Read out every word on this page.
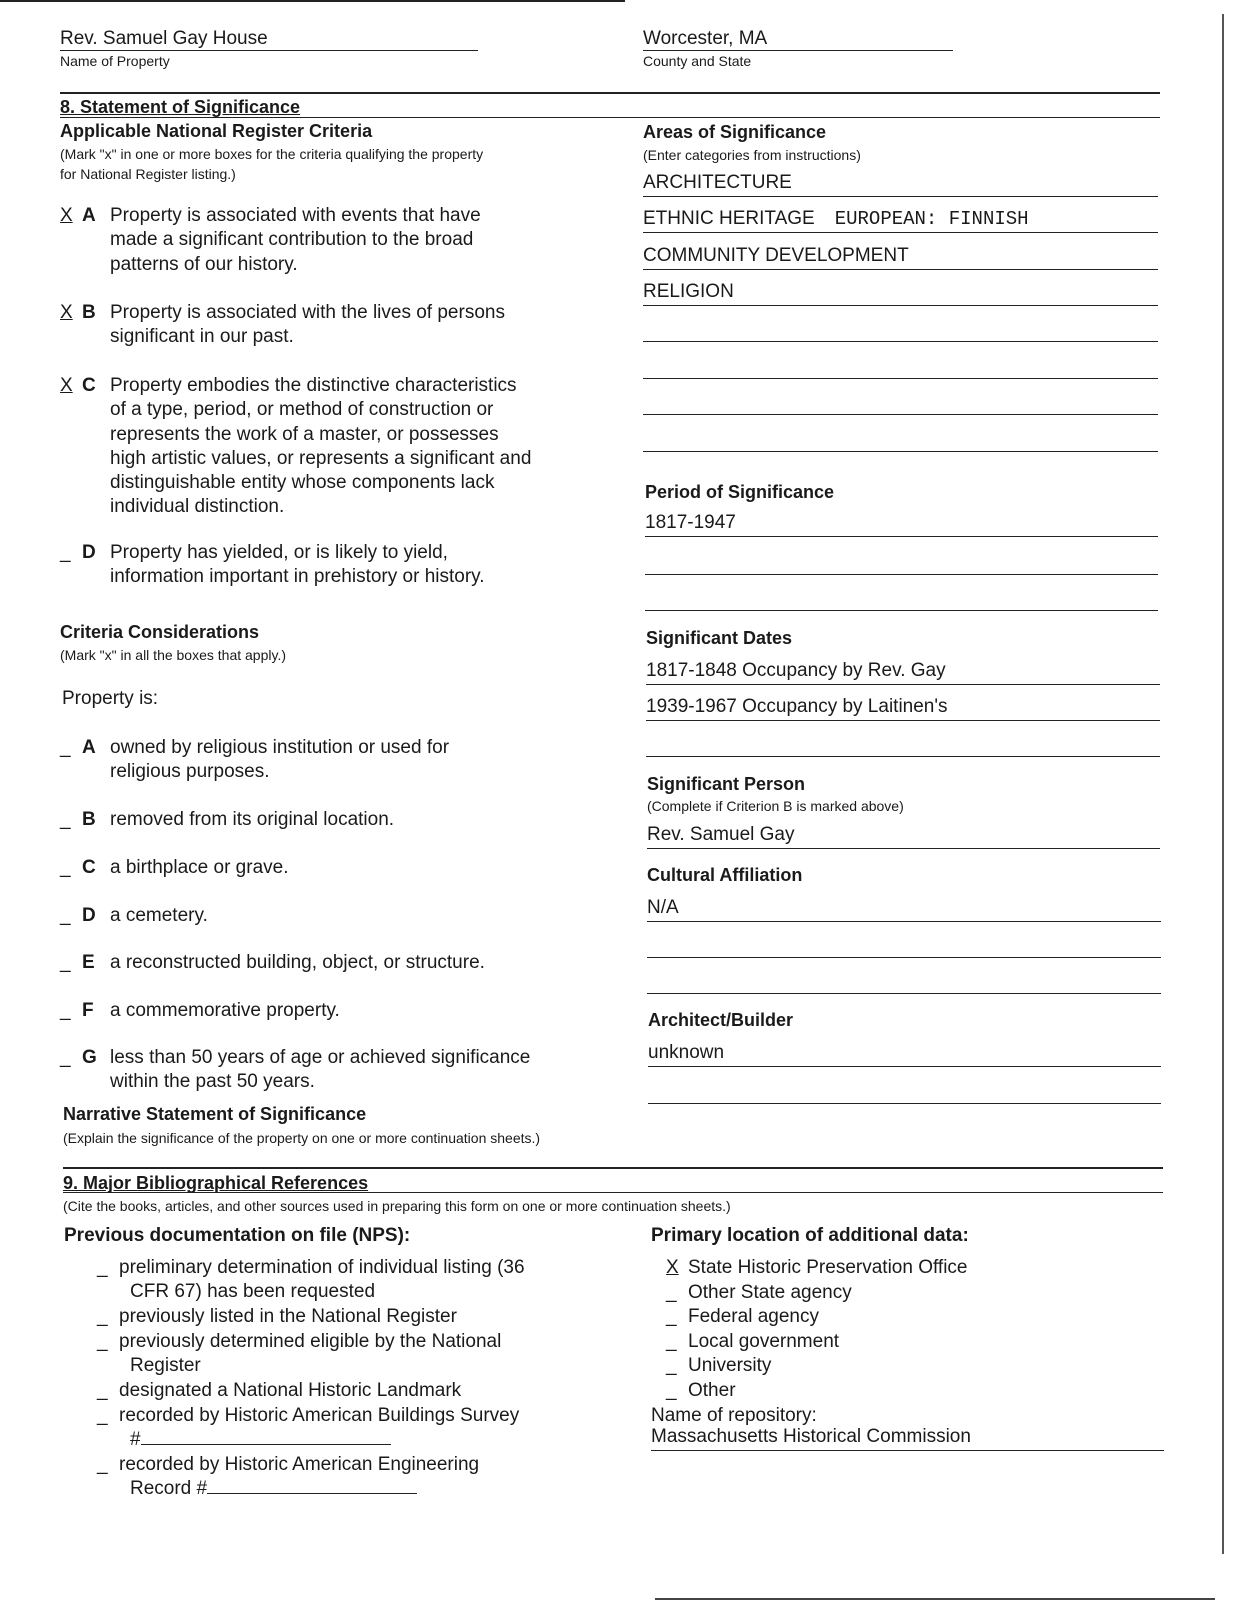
Rev. Samuel Gay House
Name of Property
Worcester, MA
County and State
8. Statement of Significance
Applicable National Register Criteria
(Mark "x" in one or more boxes for the criteria qualifying the property
for National Register listing.)
X A Property is associated with events that have
made a significant contribution to the broad
patterns of our history.
X B Property is associated with the lives of persons
significant in our past.
X C Property embodies the distinctive characteristics
of a type, period, or method of construction or
represents the work of a master, or possesses
high artistic values, or represents a significant and
distinguishable entity whose components lack
individual distinction.
_ D Property has yielded, or is likely to yield,
information important in prehistory or history.
Criteria Considerations
(Mark "x" in all the boxes that apply.)
Property is:
_ A owned by religious institution or used for
religious purposes.
_ B removed from its original location.
_ C a birthplace or grave.
_ D a cemetery.
_ E a reconstructed building, object, or structure.
_ F a commemorative property.
_ G less than 50 years of age or achieved significance
within the past 50 years.
Narrative Statement of Significance
(Explain the significance of the property on one or more continuation sheets.)
Areas of Significance
(Enter categories from instructions)
ARCHITECTURE
ETHNIC HERITAGE EUROPEAN: FINNISH
COMMUNITY DEVELOPMENT
RELIGION
Period of Significance
1817-1947
Significant Dates
1817-1848 Occupancy by Rev. Gay
1939-1967 Occupancy by Laitinen's
Significant Person
(Complete if Criterion B is marked above)
Rev. Samuel Gay
Cultural Affiliation
N/A
Architect/Builder
unknown
9. Major Bibliographical References
(Cite the books, articles, and other sources used in preparing this form on one or more continuation sheets.)
Previous documentation on file (NPS):
_ preliminary determination of individual listing (36
CFR 67) has been requested
_ previously listed in the National Register
_ previously determined eligible by the National
Register
_ designated a National Historic Landmark
_ recorded by Historic American Buildings Survey
#
_ recorded by Historic American Engineering
Record #
Primary location of additional data:
X State Historic Preservation Office
_ Other State agency
_ Federal agency
_ Local government
_ University
_ Other
Name of repository:
Massachusetts Historical Commission
